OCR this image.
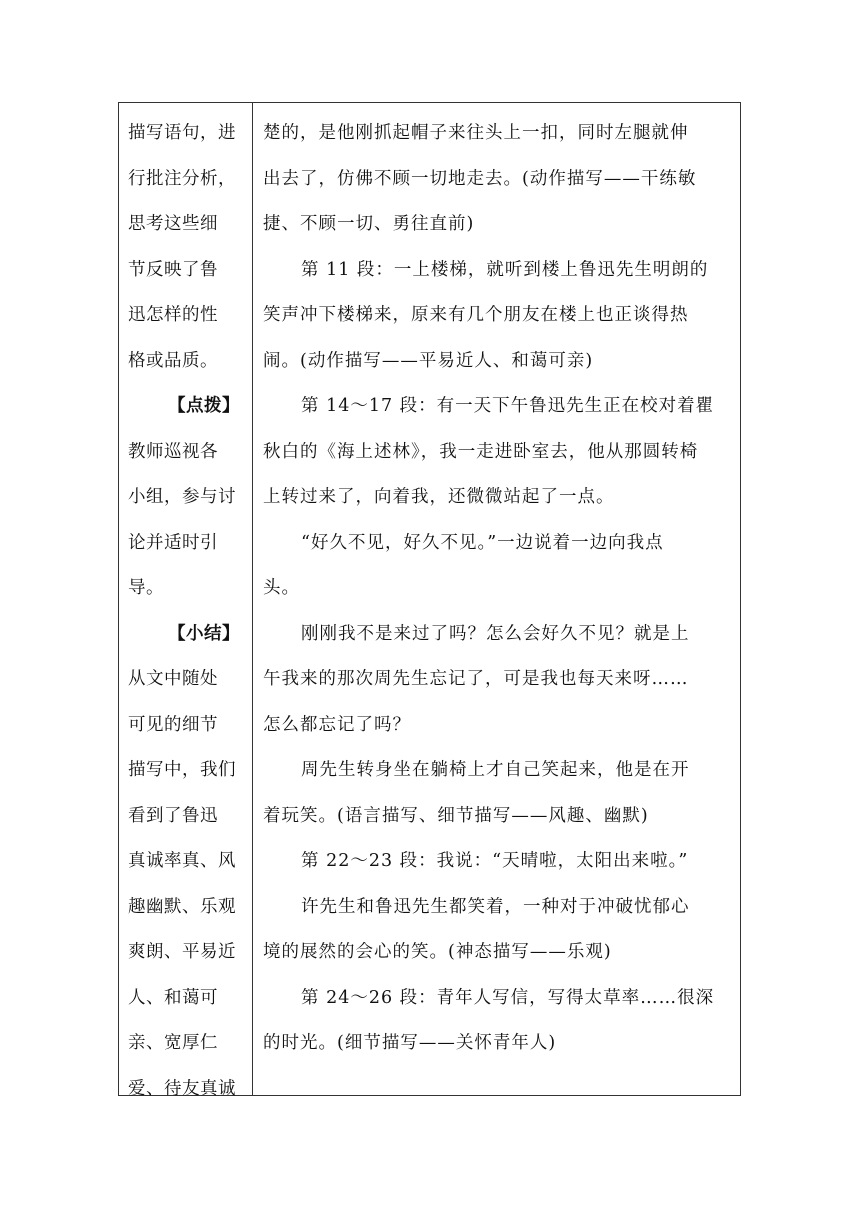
描写语句，进
行批注分析，
思考这些细
节反映了鲁
迅怎样的性
格或品质。
【点拨】
教师巡视各
小组，参与讨
论并适时引
导。
【小结】
从文中随处
可见的细节
描写中，我们
看到了鲁迅
真诚率真、风
趣幽默、乐观
爽朗、平易近
人、和蔼可
亲、宽厚仁
爱、待友真诚
楚的，是他刚抓起帽子来往头上一扣，同时左腿就伸
出去了，仿佛不顾一切地走去。(动作描写——干练敏
捷、不顾一切、勇往直前)
第 11 段：一上楼梯，就听到楼上鲁迅先生明朗的
笑声冲下楼梯来，原来有几个朋友在楼上也正谈得热
闹。(动作描写——平易近人、和蔼可亲)
第 14～17 段：有一天下午鲁迅先生正在校对着瞿
秋白的《海上述林》，我一走进卧室去，他从那圆转椅
上转过来了，向着我，还微微站起了一点。
“好久不见，好久不见。”一边说着一边向我点
头。
刚刚我不是来过了吗？怎么会好久不见？就是上
午我来的那次周先生忘记了，可是我也每天来呀……
怎么都忘记了吗？
周先生转身坐在躺椅上才自己笑起来，他是在开
着玩笑。(语言描写、细节描写——风趣、幽默)
第 22～23 段：我说：“天晴啦，太阳出来啦。”
许先生和鲁迅先生都笑着，一种对于冲破忧郁心
境的展然的会心的笑。(神态描写——乐观)
第 24～26 段：青年人写信，写得太草率……很深
的时光。(细节描写——关怀青年人)
